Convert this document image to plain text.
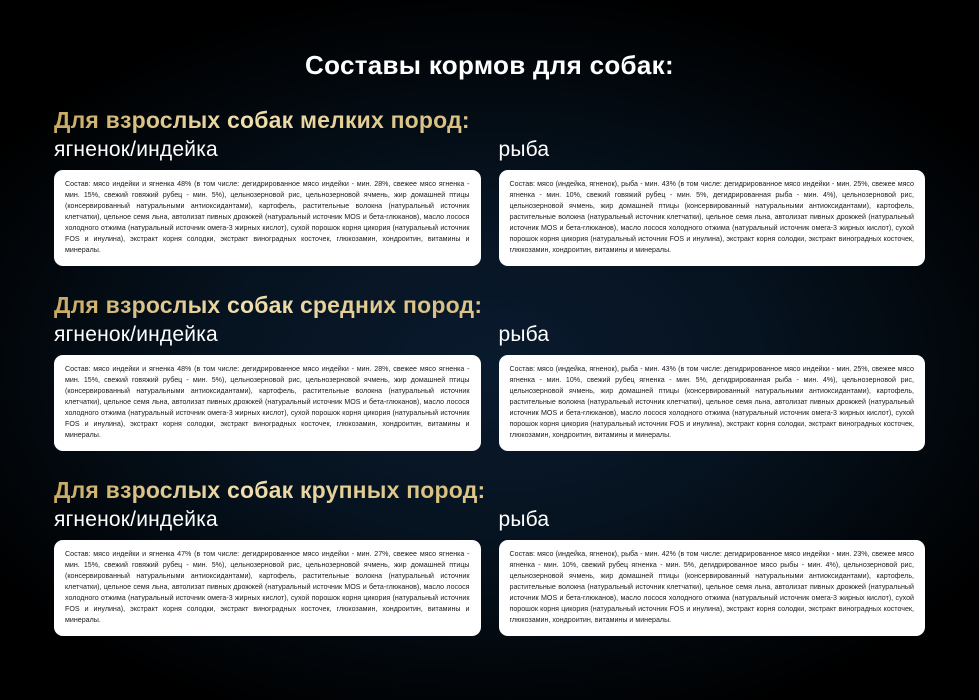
Составы кормов для собак:
Для взрослых собак мелких пород:
ягненок/индейка
Состав: мясо индейки и ягненка 48% (в том числе: дегидрированное мясо индейки - мин. 28%, свежее мясо ягненка - мин. 15%, свежий говяжий рубец - мин. 5%), цельнозерновой рис, цельнозерновой ячмень, жир домашней птицы (консервированный натуральными антиоксидантами), картофель, растительные волокна (натуральный источник клетчатки), цельное семя льна, автолизат пивных дрожжей (натуральный источник MOS и бета-глюканов), масло лосося холодного отжима (натуральный источник омега-3 жирных кислот), сухой порошок корня цикория (натуральный источник FOS и инулина), экстракт корня солодки, экстракт виноградных косточек, глюкозамин, хондроитин, витамины и минералы.
рыба
Состав: мясо (индейка, ягненок), рыба - мин. 43% (в том числе: дегидрированное мясо индейки - мин. 25%, свежее мясо ягненка - мин. 10%, свежий говяжий рубец - мин. 5%, дегидрированная рыба - мин. 4%), цельнозерновой рис, цельнозерновой ячмень, жир домашней птицы (консервированный натуральными антиоксидантами), картофель, растительные волокна (натуральный источник клетчатки), цельное семя льна, автолизат пивных дрожжей (натуральный источник MOS и бета-глюканов), масло лосося холодного отжима (натуральный источник омега-3 жирных кислот), сухой порошок корня цикория (натуральный источник FOS и инулина), экстракт корня солодки, экстракт виноградных косточек, глюкозамин, хондроитин, витамины и минералы.
Для взрослых собак средних пород:
ягненок/индейка
Состав: мясо индейки и ягненка 48% (в том числе: дегидрированное мясо индейки - мин. 28%, свежее мясо ягненка - мин. 15%, свежий говяжий рубец - мин. 5%), цельнозерновой рис, цельнозерновой ячмень, жир домашней птицы (консервированный натуральными антиоксидантами), картофель, растительные волокна (натуральный источник клетчатки), цельное семя льна, автолизат пивных дрожжей (натуральный источник MOS и бета-глюканов), масло лосося холодного отжима (натуральный источник омега-3 жирных кислот), сухой порошок корня цикория (натуральный источник FOS и инулина), экстракт корня солодки, экстракт виноградных косточек, глюкозамин, хондроитин, витамины и минералы.
рыба
Состав: мясо (индейка, ягненок), рыба - мин. 43% (в том числе: дегидрированное мясо индейки - мин. 25%, свежее мясо ягненка - мин. 10%, свежий рубец ягненка - мин. 5%, дегидрированная рыба - мин. 4%), цельнозерновой рис, цельнозерновой ячмень, жир домашней птицы (консервированный натуральными антиоксидантами), картофель, растительные волокна (натуральный источник клетчатки), цельное семя льна, автолизат пивных дрожжей (натуральный источник MOS и бета-глюканов), масло лосося холодного отжима (натуральный источник омега-3 жирных кислот), сухой порошок корня цикория (натуральный источник FOS и инулина), экстракт корня солодки, экстракт виноградных косточек, глюкозамин, хондроитин, витамины и минералы.
Для взрослых собак крупных пород:
ягненок/индейка
Состав: мясо индейки и ягненка 47% (в том числе: дегидрированное мясо индейки - мин. 27%, свежее мясо ягненка - мин. 15%, свежий говяжий рубец - мин. 5%), цельнозерновой рис, цельнозерновой ячмень, жир домашней птицы (консервированный натуральными антиоксидантами), картофель, растительные волокна (натуральный источник клетчатки), цельное семя льна, автолизат пивных дрожжей (натуральный источник MOS и бета-глюканов), масло лосося холодного отжима (натуральный источник омега-3 жирных кислот), сухой порошок корня цикория (натуральный источник FOS и инулина), экстракт корня солодки, экстракт виноградных косточек, глюкозамин, хондроитин, витамины и минералы.
рыба
Состав: мясо (индейка, ягненок), рыба - мин. 42% (в том числе: дегидрированное мясо индейки - мин. 23%, свежее мясо ягненка - мин. 10%, свежий рубец ягненка - мин. 5%, дегидрированное мясо рыбы - мин. 4%), цельнозерновой рис, цельнозерновой ячмень, жир домашней птицы (консервированный натуральными антиоксидантами), картофель, растительные волокна (натуральный источник клетчатки), цельное семя льна, автолизат пивных дрожжей (натуральный источник MOS и бета-глюканов), масло лосося холодного отжима (натуральный источник омега-3 жирных кислот), сухой порошок корня цикория (натуральный источник FOS и инулина), экстракт корня солодки, экстракт виноградных косточек, глюкозамин, хондроитин, витамины и минералы.
